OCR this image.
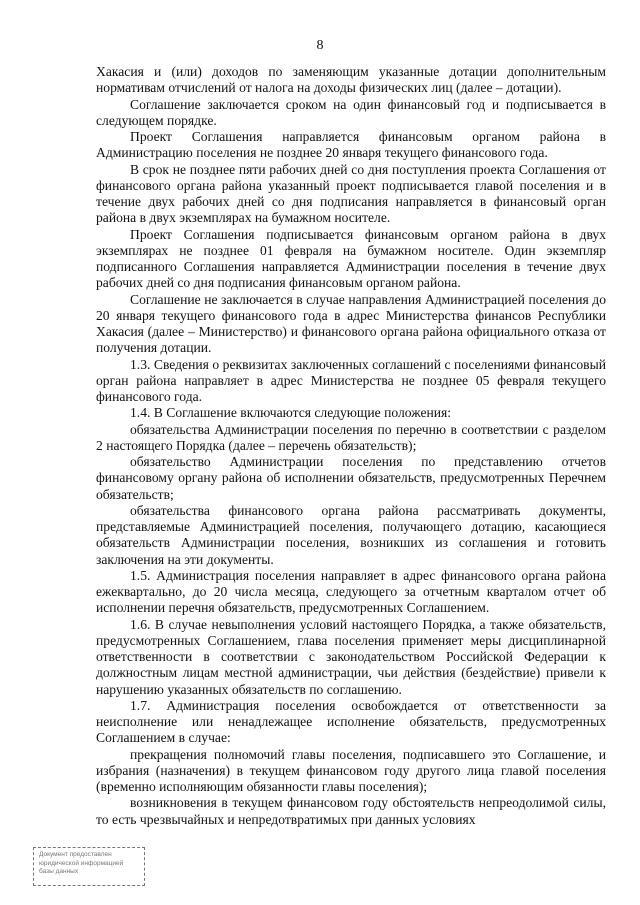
8

Хакасия и (или) доходов по заменяющим указанные дотации дополнительным нормативам отчислений от налога на доходы физических лиц (далее – дотации).

Соглашение заключается сроком на один финансовый год и подписывается в следующем порядке.

Проект Соглашения направляется финансовым органом района в Администрацию поселения не позднее 20 января текущего финансового года.

В срок не позднее пяти рабочих дней со дня поступления проекта Соглашения от финансового органа района указанный проект подписывается главой поселения и в течение двух рабочих дней со дня подписания направляется в финансовый орган района в двух экземплярах на бумажном носителе.

Проект Соглашения подписывается финансовым органом района в двух экземплярах не позднее 01 февраля на бумажном носителе. Один экземпляр подписанного Соглашения направляется Администрации поселения в течение двух рабочих дней со дня подписания финансовым органом района.

Соглашение не заключается в случае направления Администрацией поселения до 20 января текущего финансового года в адрес Министерства финансов Республики Хакасия (далее – Министерство) и финансового органа района официального отказа от получения дотации.

1.3. Сведения о реквизитах заключенных соглашений с поселениями финансовый орган района направляет в адрес Министерства не позднее 05 февраля текущего финансового года.

1.4. В Соглашение включаются следующие положения:

обязательства Администрации поселения по перечню в соответствии с разделом 2 настоящего Порядка (далее – перечень обязательств);

обязательство Администрации поселения по представлению отчетов финансовому органу района об исполнении обязательств, предусмотренных Перечнем обязательств;

обязательства финансового органа района рассматривать документы, представляемые Администрацией поселения, получающего дотацию, касающиеся обязательств Администрации поселения, возникших из соглашения и готовить заключения на эти документы.

1.5. Администрация поселения направляет в адрес финансового органа района ежеквартально, до 20 числа месяца, следующего за отчетным кварталом отчет об исполнении перечня обязательств, предусмотренных Соглашением.

1.6. В случае невыполнения условий настоящего Порядка, а также обязательств, предусмотренных Соглашением, глава поселения применяет меры дисциплинарной ответственности в соответствии с законодательством Российской Федерации к должностным лицам местной администрации, чьи действия (бездействие) привели к нарушению указанных обязательств по соглашению.

1.7. Администрация поселения освобождается от ответственности за неисполнение или ненадлежащее исполнение обязательств, предусмотренных Соглашением в случае:

прекращения полномочий главы поселения, подписавшего это Соглашение, и избрания (назначения) в текущем финансовом году другого лица главой поселения (временно исполняющим обязанности главы поселения);

возникновения в текущем финансовом году обстоятельств непреодолимой силы, то есть чрезвычайных и непредотвратимых при данных условиях

Документ предоставлен
юридической информацией
базы данных
